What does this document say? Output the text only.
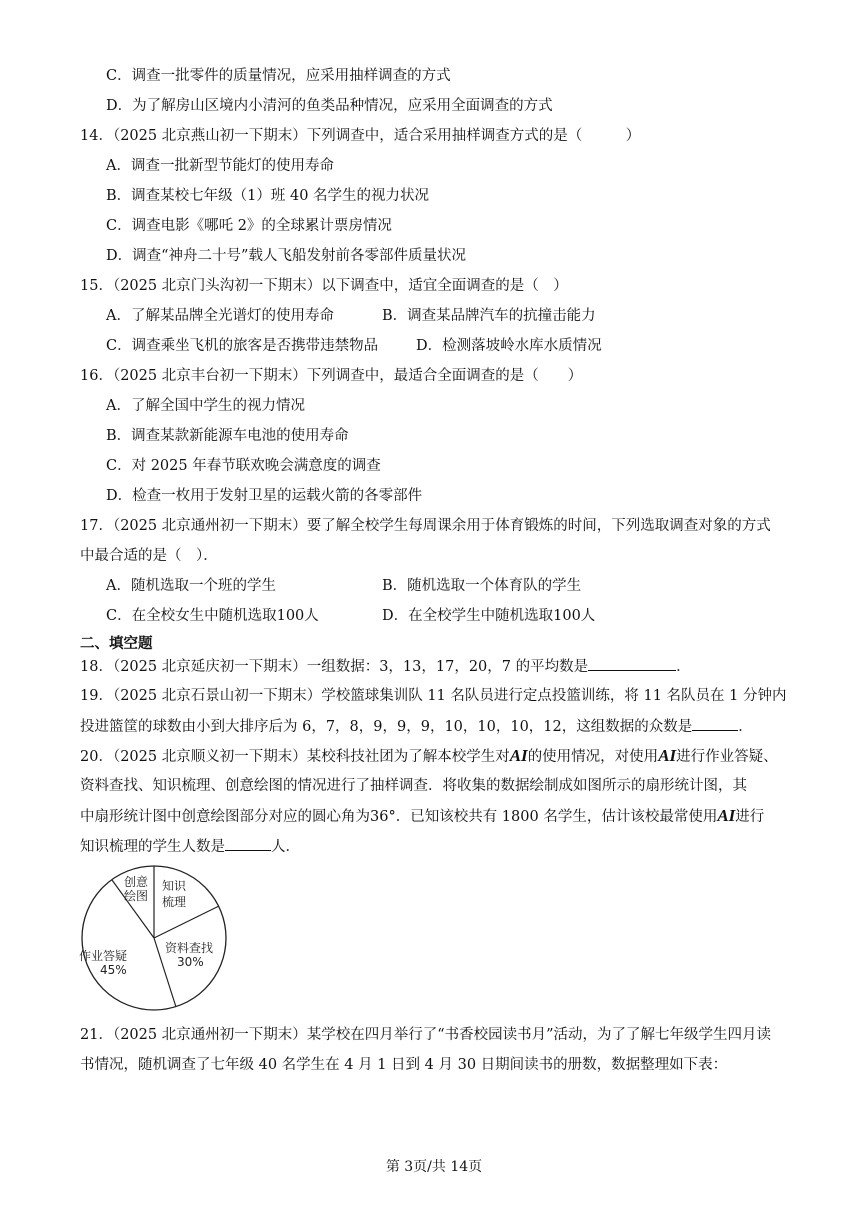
C．调查一批零件的质量情况，应采用抽样调查的方式
D．为了解房山区境内小清河的鱼类品种情况，应采用全面调查的方式
14．（2025 北京燕山初一下期末）下列调查中，适合采用抽样调查方式的是（　　　）
A．调查一批新型节能灯的使用寿命
B．调查某校七年级（1）班 40 名学生的视力状况
C．调查电影《哪吒 2》的全球累计票房情况
D．调查“神舟二十号”载人飞船发射前各零部件质量状况
15．（2025 北京门头沟初一下期末）以下调查中，适宜全面调查的是（　）
A．了解某品牌全光谱灯的使用寿命	B．调查某品牌汽车的抗撞击能力
C．调查乘坐飞机的旅客是否携带违禁物品	D．检测落坡岭水库水质情况
16．（2025 北京丰台初一下期末）下列调查中，最适合全面调查的是（　　）
A．了解全国中学生的视力情况
B．调查某款新能源车电池的使用寿命
C．对 2025 年春节联欢晚会满意度的调查
D．检查一枚用于发射卫星的运载火箭的各零部件
17．（2025 北京通州初一下期末）要了解全校学生每周课余用于体育锻炼的时间，下列选取调查对象的方式
中最合适的是（　）．
A．随机选取一个班的学生	B．随机选取一个体育队的学生
C．在全校女生中随机选取100人	D．在全校学生中随机选取100人
二、填空题
18．（2025 北京延庆初一下期末）一组数据：3，13，17，20，7 的平均数是	．
19．（2025 北京石景山初一下期末）学校篮球集训队 11 名队员进行定点投篮训练，将 11 名队员在 1 分钟内
投进篮筐的球数由小到大排序后为 6，7，8，9，9，9，10，10，10，12，这组数据的众数是	．
20．（2025 北京顺义初一下期末）某校科技社团为了解本校学生对AI的使用情况，对使用AI进行作业答疑、
资料查找、知识梳理、创意绘图的情况进行了抽样调查．将收集的数据绘制成如图所示的扇形统计图，其
中扇形统计图中创意绘图部分对应的圆心角为36°．已知该校共有 1800 名学生，估计该校最常使用AI进行
知识梳理的学生人数是	人．
创意
绘图
知识
梳理
资料查找
30%
作业答疑
45%
21．（2025 北京通州初一下期末）某学校在四月举行了“书香校园读书月”活动，为了了解七年级学生四月读
书情况，随机调查了七年级 40 名学生在 4 月 1 日到 4 月 30 日期间读书的册数，数据整理如下表：
第 3页/共 14页
